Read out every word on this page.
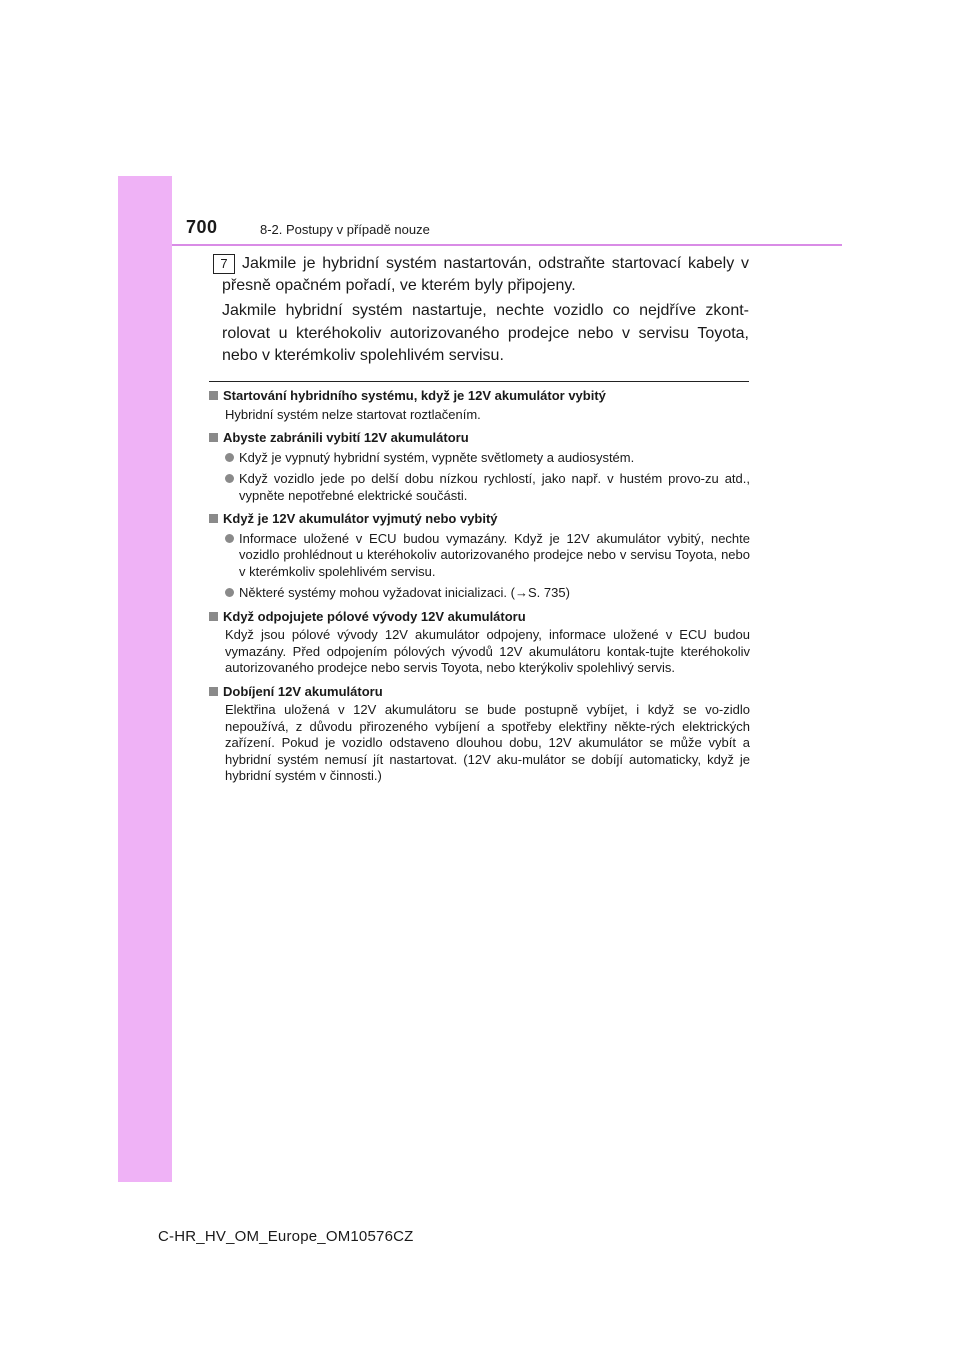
700	8-2. Postupy v případě nouze
7 Jakmile je hybridní systém nastartován, odstraňte startovací kabely v přesně opačném pořadí, ve kterém byly připojeny.

Jakmile hybridní systém nastartuje, nechte vozidlo co nejdříve zkont-rolovat u kteréhokoliv autorizovaného prodejce nebo v servisu Toyota, nebo v kterémkoliv spolehlivém servisu.

Startování hybridního systému, když je 12V akumulátor vybitý
Hybridní systém nelze startovat roztlačením.
Abyste zabránili vybití 12V akumulátoru
Když je vypnutý hybridní systém, vypněte světlomety a audiosystém.
Když vozidlo jede po delší dobu nízkou rychlostí, jako např. v hustém provo-zu atd., vypněte nepotřebné elektrické součásti.
Když je 12V akumulátor vyjmutý nebo vybitý
Informace uložené v ECU budou vymazány. Když je 12V akumulátor vybitý, nechte vozidlo prohlédnout u kteréhokoliv autorizovaného prodejce nebo v servisu Toyota, nebo v kterémkoliv spolehlivém servisu.
Některé systémy mohou vyžadovat inicializaci. (→S. 735)
Když odpojujete pólové vývody 12V akumulátoru
Když jsou pólové vývody 12V akumulátor odpojeny, informace uložené v ECU budou vymazány. Před odpojením pólových vývodů 12V akumulátoru kontak-tujte kteréhokoliv autorizovaného prodejce nebo servis Toyota, nebo kterýkoliv spolehlivý servis.
Dobíjení 12V akumulátoru
Elektřina uložená v 12V akumulátoru se bude postupně vybíjet, i když se vo-zidlo nepoužívá, z důvodu přirozeného vybíjení a spotřeby elektřiny někte-rých elektrických zařízení. Pokud je vozidlo odstaveno dlouhou dobu, 12V akumulátor se může vybít a hybridní systém nemusí jít nastartovat. (12V aku-mulátor se dobíjí automaticky, když je hybridní systém v činnosti.)
C-HR_HV_OM_Europe_OM10576CZ
